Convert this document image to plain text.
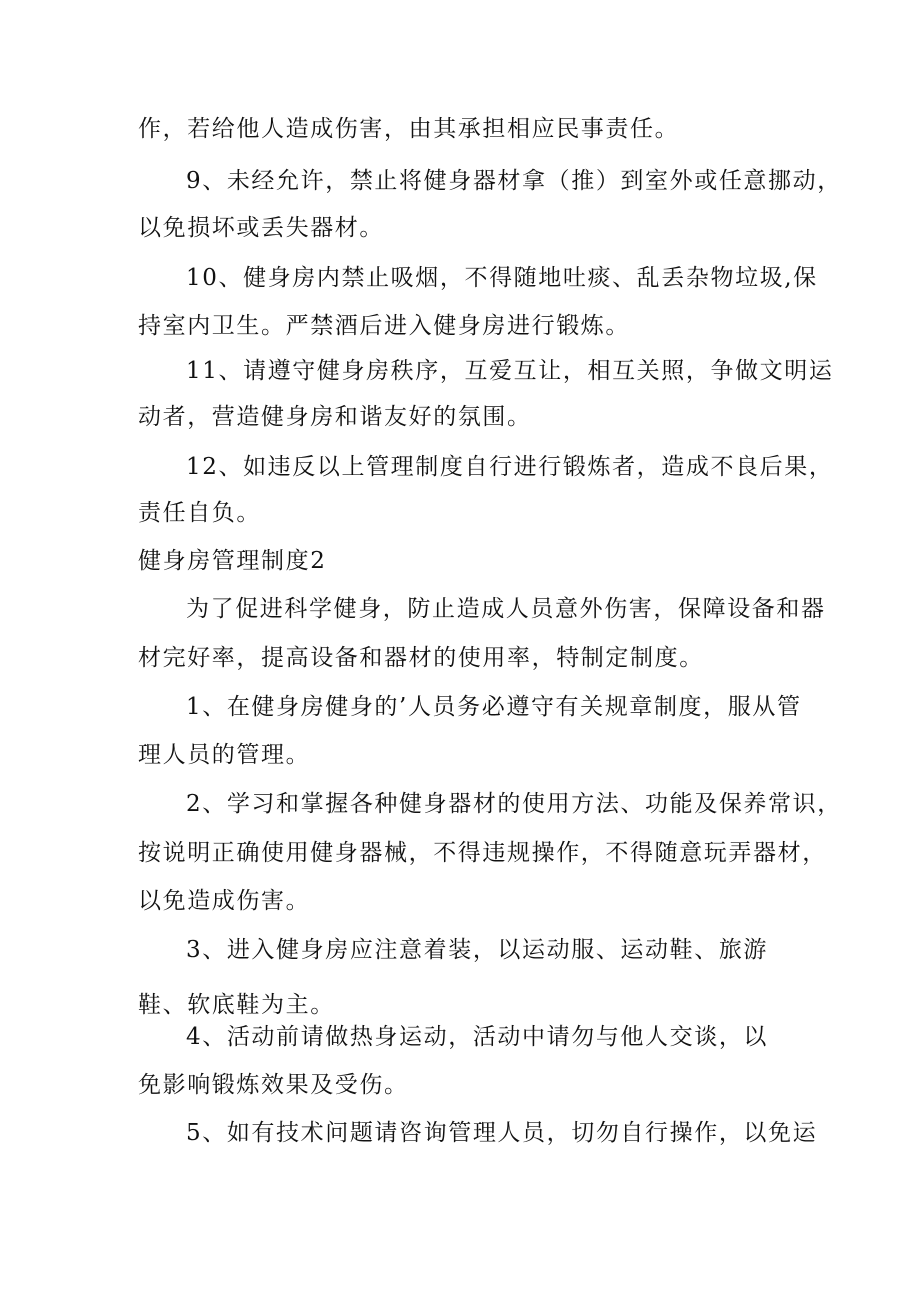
作，若给他人造成伤害，由其承担相应民事责任。

9、未经允许，禁止将健身器材拿（推）到室外或任意挪动，

以免损坏或丢失器材。

10、健身房内禁止吸烟，不得随地吐痰、乱丢杂物垃圾,保

持室内卫生。严禁酒后进入健身房进行锻炼。

11、请遵守健身房秩序，互爱互让，相互关照，争做文明运

动者，营造健身房和谐友好的氛围。

12、如违反以上管理制度自行进行锻炼者，造成不良后果，

责任自负。

健身房管理制度2

为了促进科学健身，防止造成人员意外伤害，保障设备和器

材完好率，提高设备和器材的使用率，特制定制度。

1、在健身房健身的’人员务必遵守有关规章制度，服从管

理人员的管理。

2、学习和掌握各种健身器材的使用方法、功能及保养常识，

按说明正确使用健身器械，不得违规操作，不得随意玩弄器材，

以免造成伤害。

3、进入健身房应注意着装，以运动服、运动鞋、旅游

鞋、软底鞋为主。

4、活动前请做热身运动，活动中请勿与他人交谈，以

免影响锻炼效果及受伤。

5、如有技术问题请咨询管理人员，切勿自行操作，以免运
